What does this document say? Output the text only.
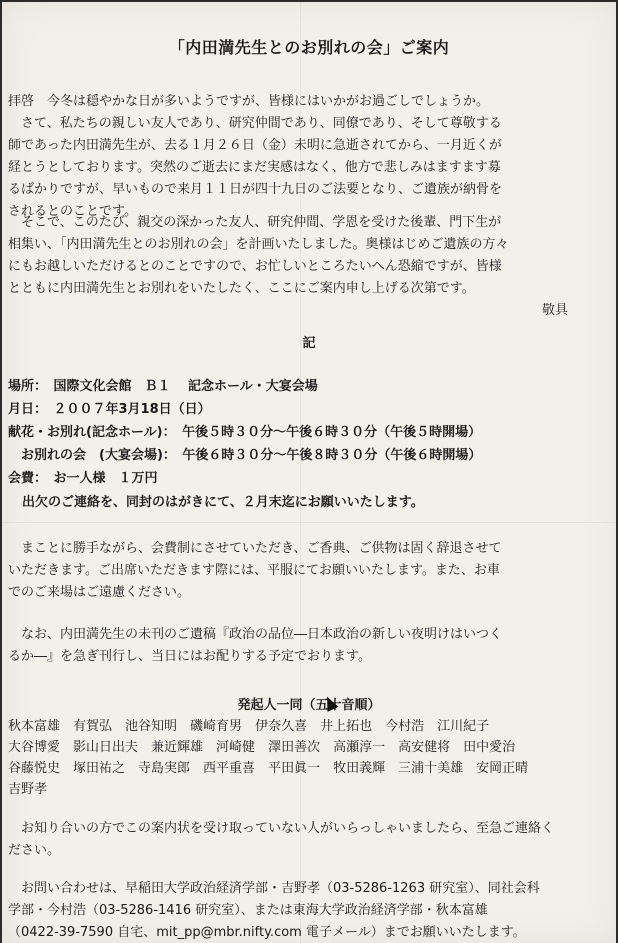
「内田満先生とのお別れの会」ご案内
拝啓　今冬は穏やかな日が多いようですが、皆様にはいかがお過ごしでしょうか。
　さて、私たちの親しい友人であり、研究仲間であり、同僚であり、そして尊敬する
師であった内田満先生が、去る１月２６日（金）未明に急逝されてから、一月近くが
経とうとしております。突然のご逝去にまだ実感はなく、他方で悲しみはますます募
るばかりですが、早いもので来月１１日が四十九日のご法要となり、ご遺族が納骨を
されるとのことです。
　そこで、このたび、親交の深かった友人、研究仲間、学恩を受けた後輩、門下生が
相集い、「内田満先生とのお別れの会」を計画いたしました。奥様はじめご遺族の方々
にもお越しいただけるとのことですので、お忙しいところたいへん恐縮ですが、皆様
とともに内田満先生とお別れをいたしたく、ここにご案内申し上げる次第です。
敬具
記
場所：　 国際文化会館　Ｂ１　 記念ホール・大宴会場
月日：　 ２００７年3月18日（日）
献花・お別れ(記念ホール)：　 午後５時３０分～午後６時３０分（午後５時開場）
　お別れの会　(大宴会場)：　 午後６時３０分～午後８時３０分（午後６時開場）
会費：　 お一人様　１万円
出欠のご連絡を、同封のはがきにて、２月末迄にお願いいたします。
　まことに勝手ながら、会費制にさせていただき、ご香典、ご供物は固く辞退させて
いただきます。ご出席いただきます際には、平服にてお願いいたします。また、お車
でのご来場はご遠慮ください。
　なお、内田満先生の未刊のご遺稿『政治の品位―日本政治の新しい夜明けはいつく
るか―』を急ぎ刊行し、当日にはお配りする予定でおります。
発起人一同（五十音順）
秋本富雄 有賀弘 池谷知明 磯崎育男 伊奈久喜 井上拓也 今村浩 江川紀子
大谷博愛 影山日出夫 兼近輝雄 河崎健 澤田善次 高瀬淳一 高安健将 田中愛治
谷藤悦史 塚田祐之 寺島実郎 西平重喜 平田眞一 牧田義輝 三浦十美雄 安岡正晴
吉野孝
　お知り合いの方でこの案内状を受け取っていない人がいらっしゃいましたら、至急ご連絡く
ださい。
　お問い合わせは、早稲田大学政治経済学部・吉野孝（03-5286-1263 研究室）、同社会科
学部・今村浩（03-5286-1416 研究室）、または東海大学政治経済学部・秋本富雄
（0422-39-7590 自宅、mit_pp@mbr.nifty.com 電子メール）までお願いいたします。
